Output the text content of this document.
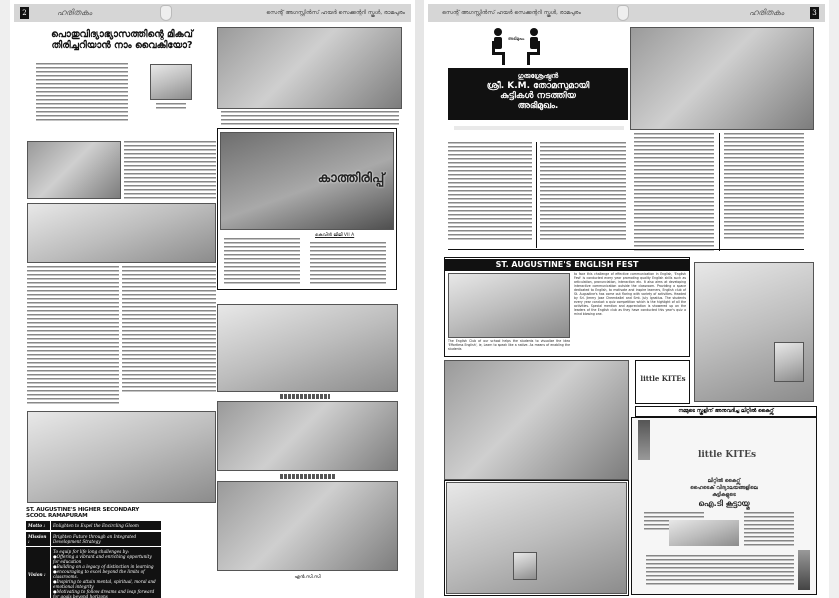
2	ഹരിതകം	സെന്റ് അഗസ്റ്റിൻസ് ഹയർ സെക്കന്ററി സ്കൂൾ, രാമപുരം
പൊതുവിദ്യാഭ്യാസത്തിന്റെ മികവ് തിരിച്ചറിയാൻ നാം വൈകിയോ?
കാത്തിരിപ്പ്
കെവിൻ ജിജി VII A
എൻ.സി.സി
ST. AUGUSTINE'S HIGHER SECONDARY SCOOL RAMAPURAM
Motto :	Enlighten to Expel the Encircling Gloom
Mission :
Brighten Future through an Integrated Development Strategy
Vision :
To equip for life long challenges by:
● Offering a vibrant and enriching opportunity for education
● Building on a legacy of distinction in learning
● encouraging to excel beyond the limits of classrooms.
● Inspiring to attain mental, spiritual, moral and emotional integrity
● Motivating to follow dreams and leap forward for goals beyond horizons
സെന്റ് അഗസ്റ്റിൻസ് ഹയർ സെക്കന്ററി സ്കൂൾ, രാമപുരം	ഹരിതകം	3
അഭിമുഖം
ഗുരുശ്രേഷ്ഠൻ
ശ്രീ. K.M. തോമസുമായി
കുട്ടികൾ നടത്തിയ
അഭിമുഖം.
ST. AUGUSTINE'S ENGLISH FEST
The English Club of our school helps the students to visualize the idea 'Effortless English', ie, Learn to speak like a native. As means of enabling the students
to face this challenge of effective communication in English, 'English Fest' is conducted every year promoting quality English skills such as articulation, pronunciation, interaction etc. It also aims at developing interactive communication outside the classroom. Providing a space dedicated to English, to motivate and inspire learners, English club of St. Augustine's has come out flaring with variety of activities. Headed by Sri. Jimmy Jose Cheenkallel and Smt. July Ignatius. The students every year conduct a quiz competition which is the highlight of all the activities. Special mention and appreciation is showered up on the leaders of the English club as they have conducted this year's quiz a mind blowing one.
little KITEs
നമ്മുടെ സ്കൂളിന് അനുവദിച്ച ലിറ്റിൽ കൈറ്റ്സ്
little KITEs
ലിറ്റിൽ കൈറ്റ്സ്
ഹൈടെക് വിദ്യാലയങ്ങളിലെ
കുട്ടികളുടെ
ഐ.ടി കൂട്ടായ്മ
